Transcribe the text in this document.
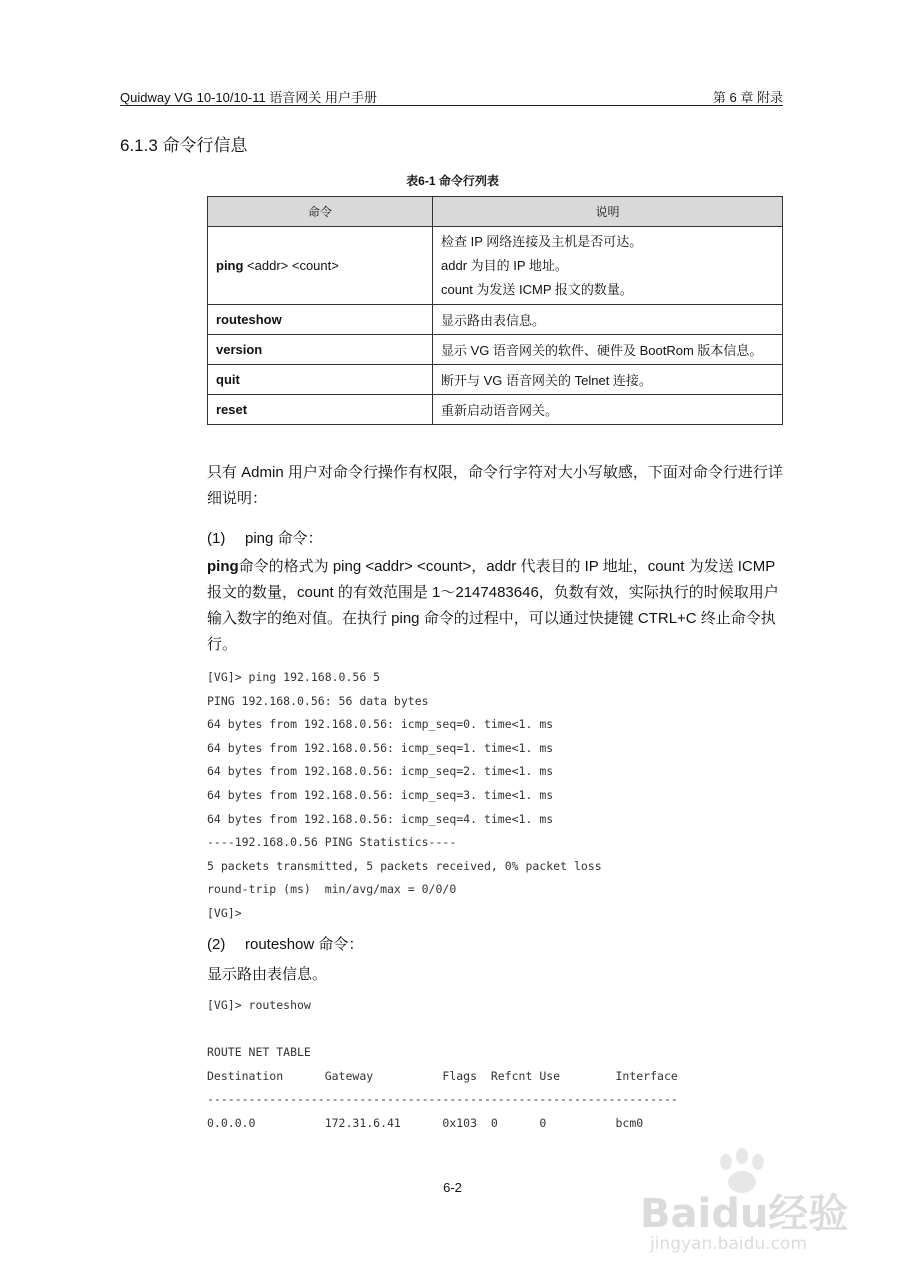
Quidway VG 10-10/10-11 语音网关 用户手册	第 6 章 附录
6.1.3 命令行信息
表6-1 命令行列表
命令	说明
ping <addr> <count>	检查 IP 网络连接及主机是否可达。
addr 为目的 IP 地址。
count 为发送 ICMP 报文的数量。

routeshow	显示路由表信息。
version	显示 VG 语音网关的软件、硬件及 BootRom 版本信息。
quit	断开与 VG 语音网关的 Telnet 连接。
reset	重新启动语音网关。
只有 Admin 用户对命令行操作有权限，命令行字符对大小写敏感，下面对命令行进行详细说明：
(1) ping 命令：
ping命令的格式为 ping <addr> <count>，addr 代表目的 IP 地址，count 为发送 ICMP 报文的数量，count 的有效范围是 1～2147483646，负数有效，实际执行的时候取用户输入数字的绝对值。在执行 ping 命令的过程中，可以通过快捷键 CTRL+C 终止命令执行。
[VG]> ping 192.168.0.56 5
PING 192.168.0.56: 56 data bytes
64 bytes from 192.168.0.56: icmp_seq=0. time<1. ms
64 bytes from 192.168.0.56: icmp_seq=1. time<1. ms
64 bytes from 192.168.0.56: icmp_seq=2. time<1. ms
64 bytes from 192.168.0.56: icmp_seq=3. time<1. ms
64 bytes from 192.168.0.56: icmp_seq=4. time<1. ms
----192.168.0.56 PING Statistics----
5 packets transmitted, 5 packets received, 0% packet loss
round-trip (ms)  min/avg/max = 0/0/0
[VG]>
(2) routeshow 命令：
显示路由表信息。
[VG]> routeshow

ROUTE NET TABLE
Destination      Gateway          Flags  Refcnt Use        Interface
--------------------------------------------------------------------
0.0.0.0          172.31.6.41      0x103  0      0          bcm0
6-2
Baidu经验
jingyan.baidu.com
